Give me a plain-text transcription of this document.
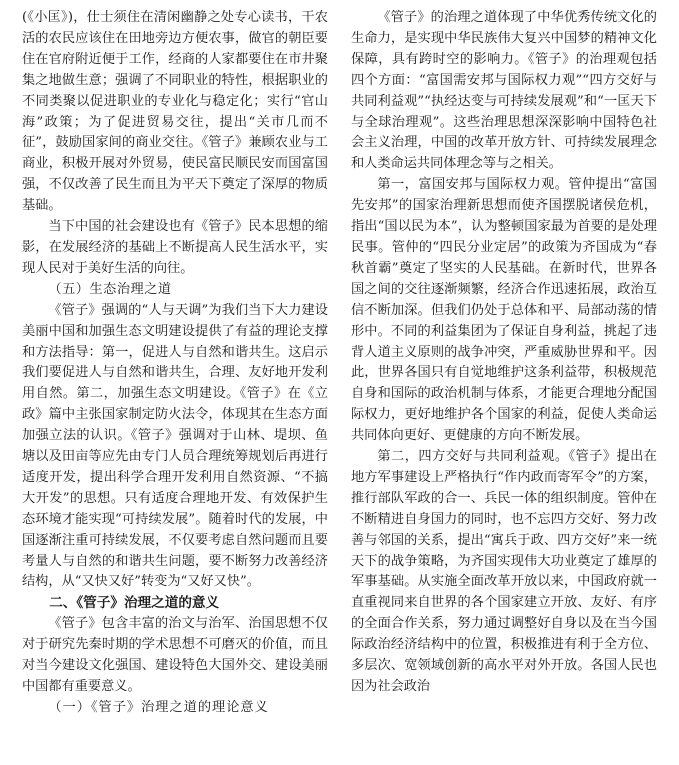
(《小匡》)，仕士须住在清闲幽静之处专心读书，干农活的农民应该住在田地旁边方便农事，做官的朝臣要住在官府附近便于工作，经商的人家都要住在市井聚集之地做生意；强调了不同职业的特性，根据职业的不同类聚以促进职业的专业化与稳定化；实行“官山海”政策；为了促进贸易交往，提出“关市几而不征”，鼓励国家间的商业交往。《管子》兼顾农业与工商业，积极开展对外贸易，使民富民顺民安而国富国强，不仅改善了民生而且为平天下奠定了深厚的物质基础。

当下中国的社会建设也有《管子》民本思想的缩影，在发展经济的基础上不断提高人民生活水平，实现人民对于美好生活的向往。

（五）生态治理之道

《管子》强调的“人与天调”为我们当下大力建设美丽中国和加强生态文明建设提供了有益的理论支撑和方法指导：第一，促进人与自然和谐共生。这启示我们要促进人与自然和谐共生，合理、友好地开发利用自然。第二，加强生态文明建设。《管子》在《立政》篇中主张国家制定防火法令，体现其在生态方面加强立法的认识。《管子》强调对于山林、堤坝、鱼塘以及田亩等应先由专门人员合理统筹规划后再进行适度开发，提出科学合理开发利用自然资源、“不搞大开发”的思想。只有适度合理地开发、有效保护生态环境才能实现“可持续发展”。随着时代的发展，中国逐渐注重可持续发展，不仅要考虑自然问题而且要考量人与自然的和谐共生问题，要不断努力改善经济结构，从“又快又好”转变为“又好又快”。

二、《管子》治理之道的意义

《管子》包含丰富的治文与治军、治国思想不仅对于研究先秦时期的学术思想不可磨灭的价值，而且对当今建设文化强国、建设特色大国外交、建设美丽中国都有重要意义。

（一）《管子》治理之道的理论意义

《管子》的治理之道体现了中华优秀传统文化的生命力，是实现中华民族伟大复兴中国梦的精神文化保障，具有跨时空的影响力。《管子》的治理观包括四个方面：“富国需安邦与国际权力观”“四方交好与共同利益观”“执经达变与可持续发展观”和“一匡天下与全球治理观”。这些治理思想深深影响中国特色社会主义治理，中国的改革开放方针、可持续发展理念和人类命运共同体理念等与之相关。

第一，富国安邦与国际权力观。管仲提出“富国先安邦”的国家治理新思想而使齐国摆脱诸侯危机，指出“国以民为本”，认为整顿国家最为首要的是处理民事。管仲的“四民分业定居”的政策为齐国成为“春秋首霸”奠定了坚实的人民基础。在新时代，世界各国之间的交往逐渐频繁，经济合作迅速拓展，政治互信不断加深。但我们仍处于总体和平、局部动荡的情形中。不同的利益集团为了保证自身利益，挑起了违背人道主义原则的战争冲突，严重威胁世界和平。因此，世界各国只有自觉地维护这条利益带，积极规范自身和国际的政治机制与体系，才能更合理地分配国际权力，更好地维护各个国家的利益，促使人类命运共同体向更好、更健康的方向不断发展。

第二，四方交好与共同利益观。《管子》提出在地方军事建设上严格执行“作内政而寄军令”的方案，推行部队军政的合一、兵民一体的组织制度。管仲在不断精进自身国力的同时，也不忘四方交好、努力改善与邻国的关系，提出“寓兵于政、四方交好”来一统天下的战争策略，为齐国实现伟大功业奠定了雄厚的军事基础。从实施全面改革开放以来，中国政府就一直重视同来自世界的各个国家建立开放、友好、有序的全面合作关系，努力通过调整好自身以及在当今国际政治经济结构中的位置，积极推进有利于全方位、多层次、宽领域创新的高水平对外开放。各国人民也因为社会政治
